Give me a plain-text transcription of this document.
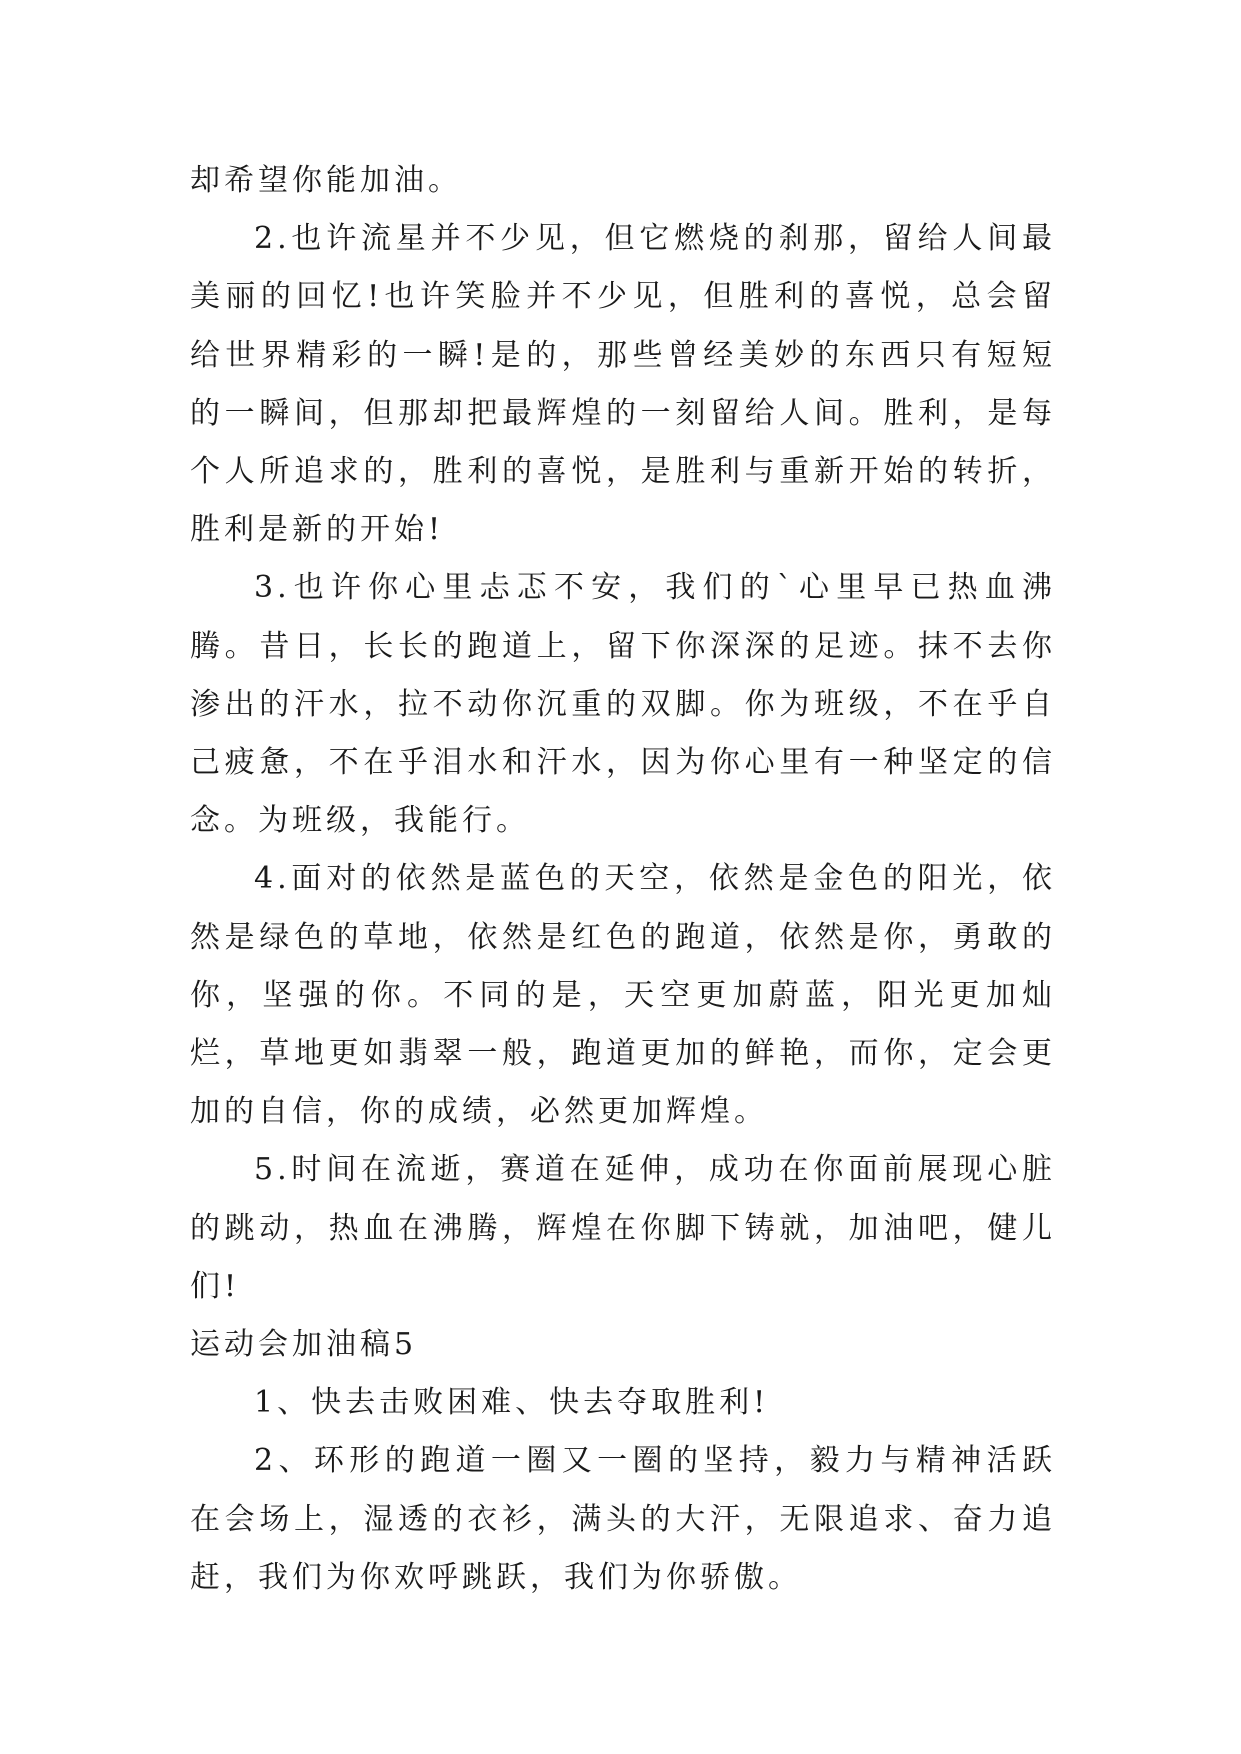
却希望你能加油。

2.也许流星并不少见，但它燃烧的刹那，留给人间最美丽的回忆!也许笑脸并不少见，但胜利的喜悦，总会留给世界精彩的一瞬!是的，那些曾经美妙的东西只有短短的一瞬间，但那却把最辉煌的一刻留给人间。胜利，是每个人所追求的，胜利的喜悦，是胜利与重新开始的转折，胜利是新的开始!

3.也许你心里忐忑不安，我们的`心里早已热血沸腾。昔日，长长的跑道上，留下你深深的足迹。抹不去你渗出的汗水，拉不动你沉重的双脚。你为班级，不在乎自己疲惫，不在乎泪水和汗水，因为你心里有一种坚定的信念。为班级，我能行。

4.面对的依然是蓝色的天空，依然是金色的阳光，依然是绿色的草地，依然是红色的跑道，依然是你，勇敢的你，坚强的你。不同的是，天空更加蔚蓝，阳光更加灿烂，草地更如翡翠一般，跑道更加的鲜艳，而你，定会更加的自信，你的成绩，必然更加辉煌。

5.时间在流逝，赛道在延伸，成功在你面前展现心脏的跳动，热血在沸腾，辉煌在你脚下铸就，加油吧，健儿们!

运动会加油稿5

1、快去击败困难、快去夺取胜利!

2、环形的跑道一圈又一圈的坚持，毅力与精神活跃在会场上，湿透的衣衫，满头的大汗，无限追求、奋力追赶，我们为你欢呼跳跃，我们为你骄傲。
